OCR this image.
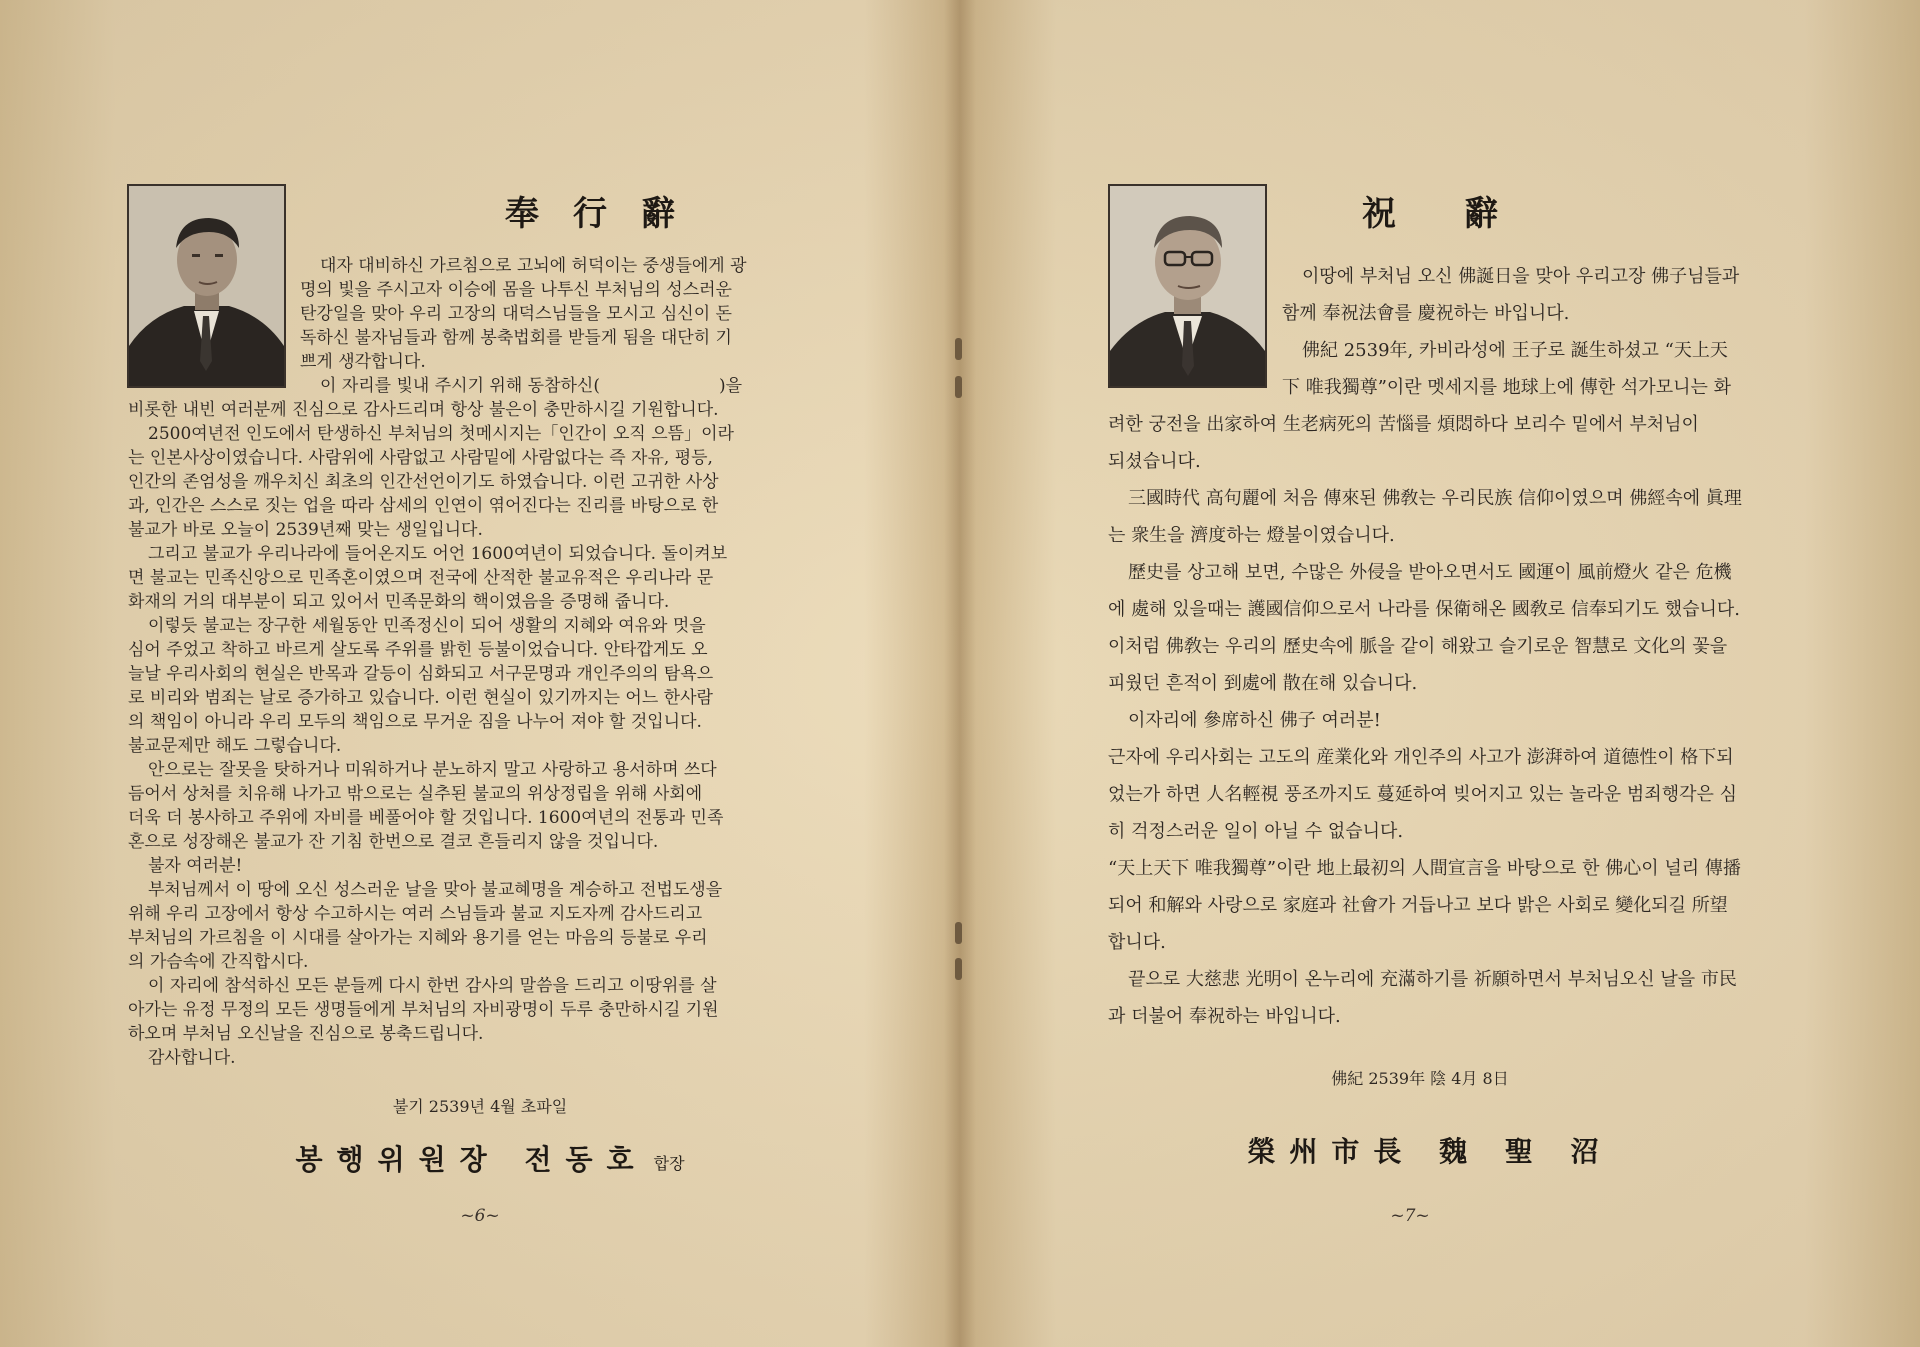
奉　行　辭
대자 대비하신 가르침으로 고뇌에 허덕이는 중생들에게 광
명의 빛을 주시고자 이승에 몸을 나투신 부처님의 성스러운
탄강일을 맞아 우리 고장의 대덕스님들을 모시고 심신이 돈
독하신 불자님들과 함께 봉축법회를 받들게 됨을 대단히 기
쁘게 생각합니다.
이 자리를 빛내 주시기 위해 동참하신(　　　　　　　)을
비롯한 내빈 여러분께 진심으로 감사드리며 항상 불은이 충만하시길 기원합니다.
2500여년전 인도에서 탄생하신 부처님의 첫메시지는「인간이 오직 으뜸」이라
는 인본사상이였습니다. 사람위에 사람없고 사람밑에 사람없다는 즉 자유, 평등,
인간의 존엄성을 깨우치신 최초의 인간선언이기도 하였습니다. 이런 고귀한 사상
과, 인간은 스스로 짓는 업을 따라 삼세의 인연이 엮어진다는 진리를 바탕으로 한
불교가 바로 오늘이 2539년째 맞는 생일입니다.
그리고 불교가 우리나라에 들어온지도 어언 1600여년이 되었습니다. 돌이켜보
면 불교는 민족신앙으로 민족혼이였으며 전국에 산적한 불교유적은 우리나라 문
화재의 거의 대부분이 되고 있어서 민족문화의 핵이였음을 증명해 줍니다.
이렇듯 불교는 장구한 세월동안 민족정신이 되어 생활의 지혜와 여유와 멋을
심어 주었고 착하고 바르게 살도록 주위를 밝힌 등불이었습니다. 안타깝게도 오
늘날 우리사회의 현실은 반목과 갈등이 심화되고 서구문명과 개인주의의 탐욕으
로 비리와 범죄는 날로 증가하고 있습니다. 이런 현실이 있기까지는 어느 한사람
의 책임이 아니라 우리 모두의 책임으로 무거운 짐을 나누어 져야 할 것입니다.
불교문제만 해도 그렇습니다.
안으로는 잘못을 탓하거나 미워하거나 분노하지 말고 사랑하고 용서하며 쓰다
듬어서 상처를 치유해 나가고 밖으로는 실추된 불교의 위상정립을 위해 사회에
더욱 더 봉사하고 주위에 자비를 베풀어야 할 것입니다. 1600여년의 전통과 민족
혼으로 성장해온 불교가 잔 기침 한번으로 결코 흔들리지 않을 것입니다.
불자 여러분!
부처님께서 이 땅에 오신 성스러운 날을 맞아 불교혜명을 계승하고 전법도생을
위해 우리 고장에서 항상 수고하시는 여러 스님들과 불교 지도자께 감사드리고
부처님의 가르침을 이 시대를 살아가는 지혜와 용기를 얻는 마음의 등불로 우리
의 가슴속에 간직합시다.
이 자리에 참석하신 모든 분들께 다시 한번 감사의 말씀을 드리고 이땅위를 살
아가는 유정 무정의 모든 생명들에게 부처님의 자비광명이 두루 충만하시길 기원
하오며 부처님 오신날을 진심으로 봉축드립니다.
감사합니다.
불기 2539년 4월 초파일
봉행위원장 전동호 합장
~6~
祝　　辭
이땅에 부처님 오신 佛誕日을 맞아 우리고장 佛子님들과
함께 奉祝法會를 慶祝하는 바입니다.
佛紀 2539年, 카비라성에 王子로 誕生하셨고 “天上天
下 唯我獨尊”이란 멧세지를 地球上에 傳한 석가모니는 화
려한 궁전을 出家하여 生老病死의 苦惱를 煩悶하다 보리수 밑에서 부처님이
되셨습니다.
三國時代 高句麗에 처음 傳來된 佛敎는 우리民族 信仰이였으며 佛經속에 眞理
는 衆生을 濟度하는 燈불이였습니다.
歷史를 상고해 보면, 수많은 外侵을 받아오면서도 國運이 風前燈火 같은 危機
에 處해 있을때는 護國信仰으로서 나라를 保衛해온 國敎로 信奉되기도 했습니다.
이처럼 佛敎는 우리의 歷史속에 脈을 같이 해왔고 슬기로운 智慧로 文化의 꽃을
피웠던 흔적이 到處에 散在해 있습니다.
이자리에 參席하신 佛子 여러분!
근자에 우리사회는 고도의 産業化와 개인주의 사고가 澎湃하여 道德性이 格下되
었는가 하면 人名輕視 풍조까지도 蔓延하여 빚어지고 있는 놀라운 범죄행각은 심
히 걱정스러운 일이 아닐 수 없습니다.
“天上天下 唯我獨尊”이란 地上最初의 人間宣言을 바탕으로 한 佛心이 널리 傳播
되어 和解와 사랑으로 家庭과 社會가 거듭나고 보다 밝은 사회로 變化되길 所望
합니다.
끝으로 大慈悲 光明이 온누리에 充滿하기를 祈願하면서 부처님오신 날을 市民
과 더불어 奉祝하는 바입니다.
佛紀 2539年 陰 4月 8日
榮州市長 魏 聖 沼
~7~
